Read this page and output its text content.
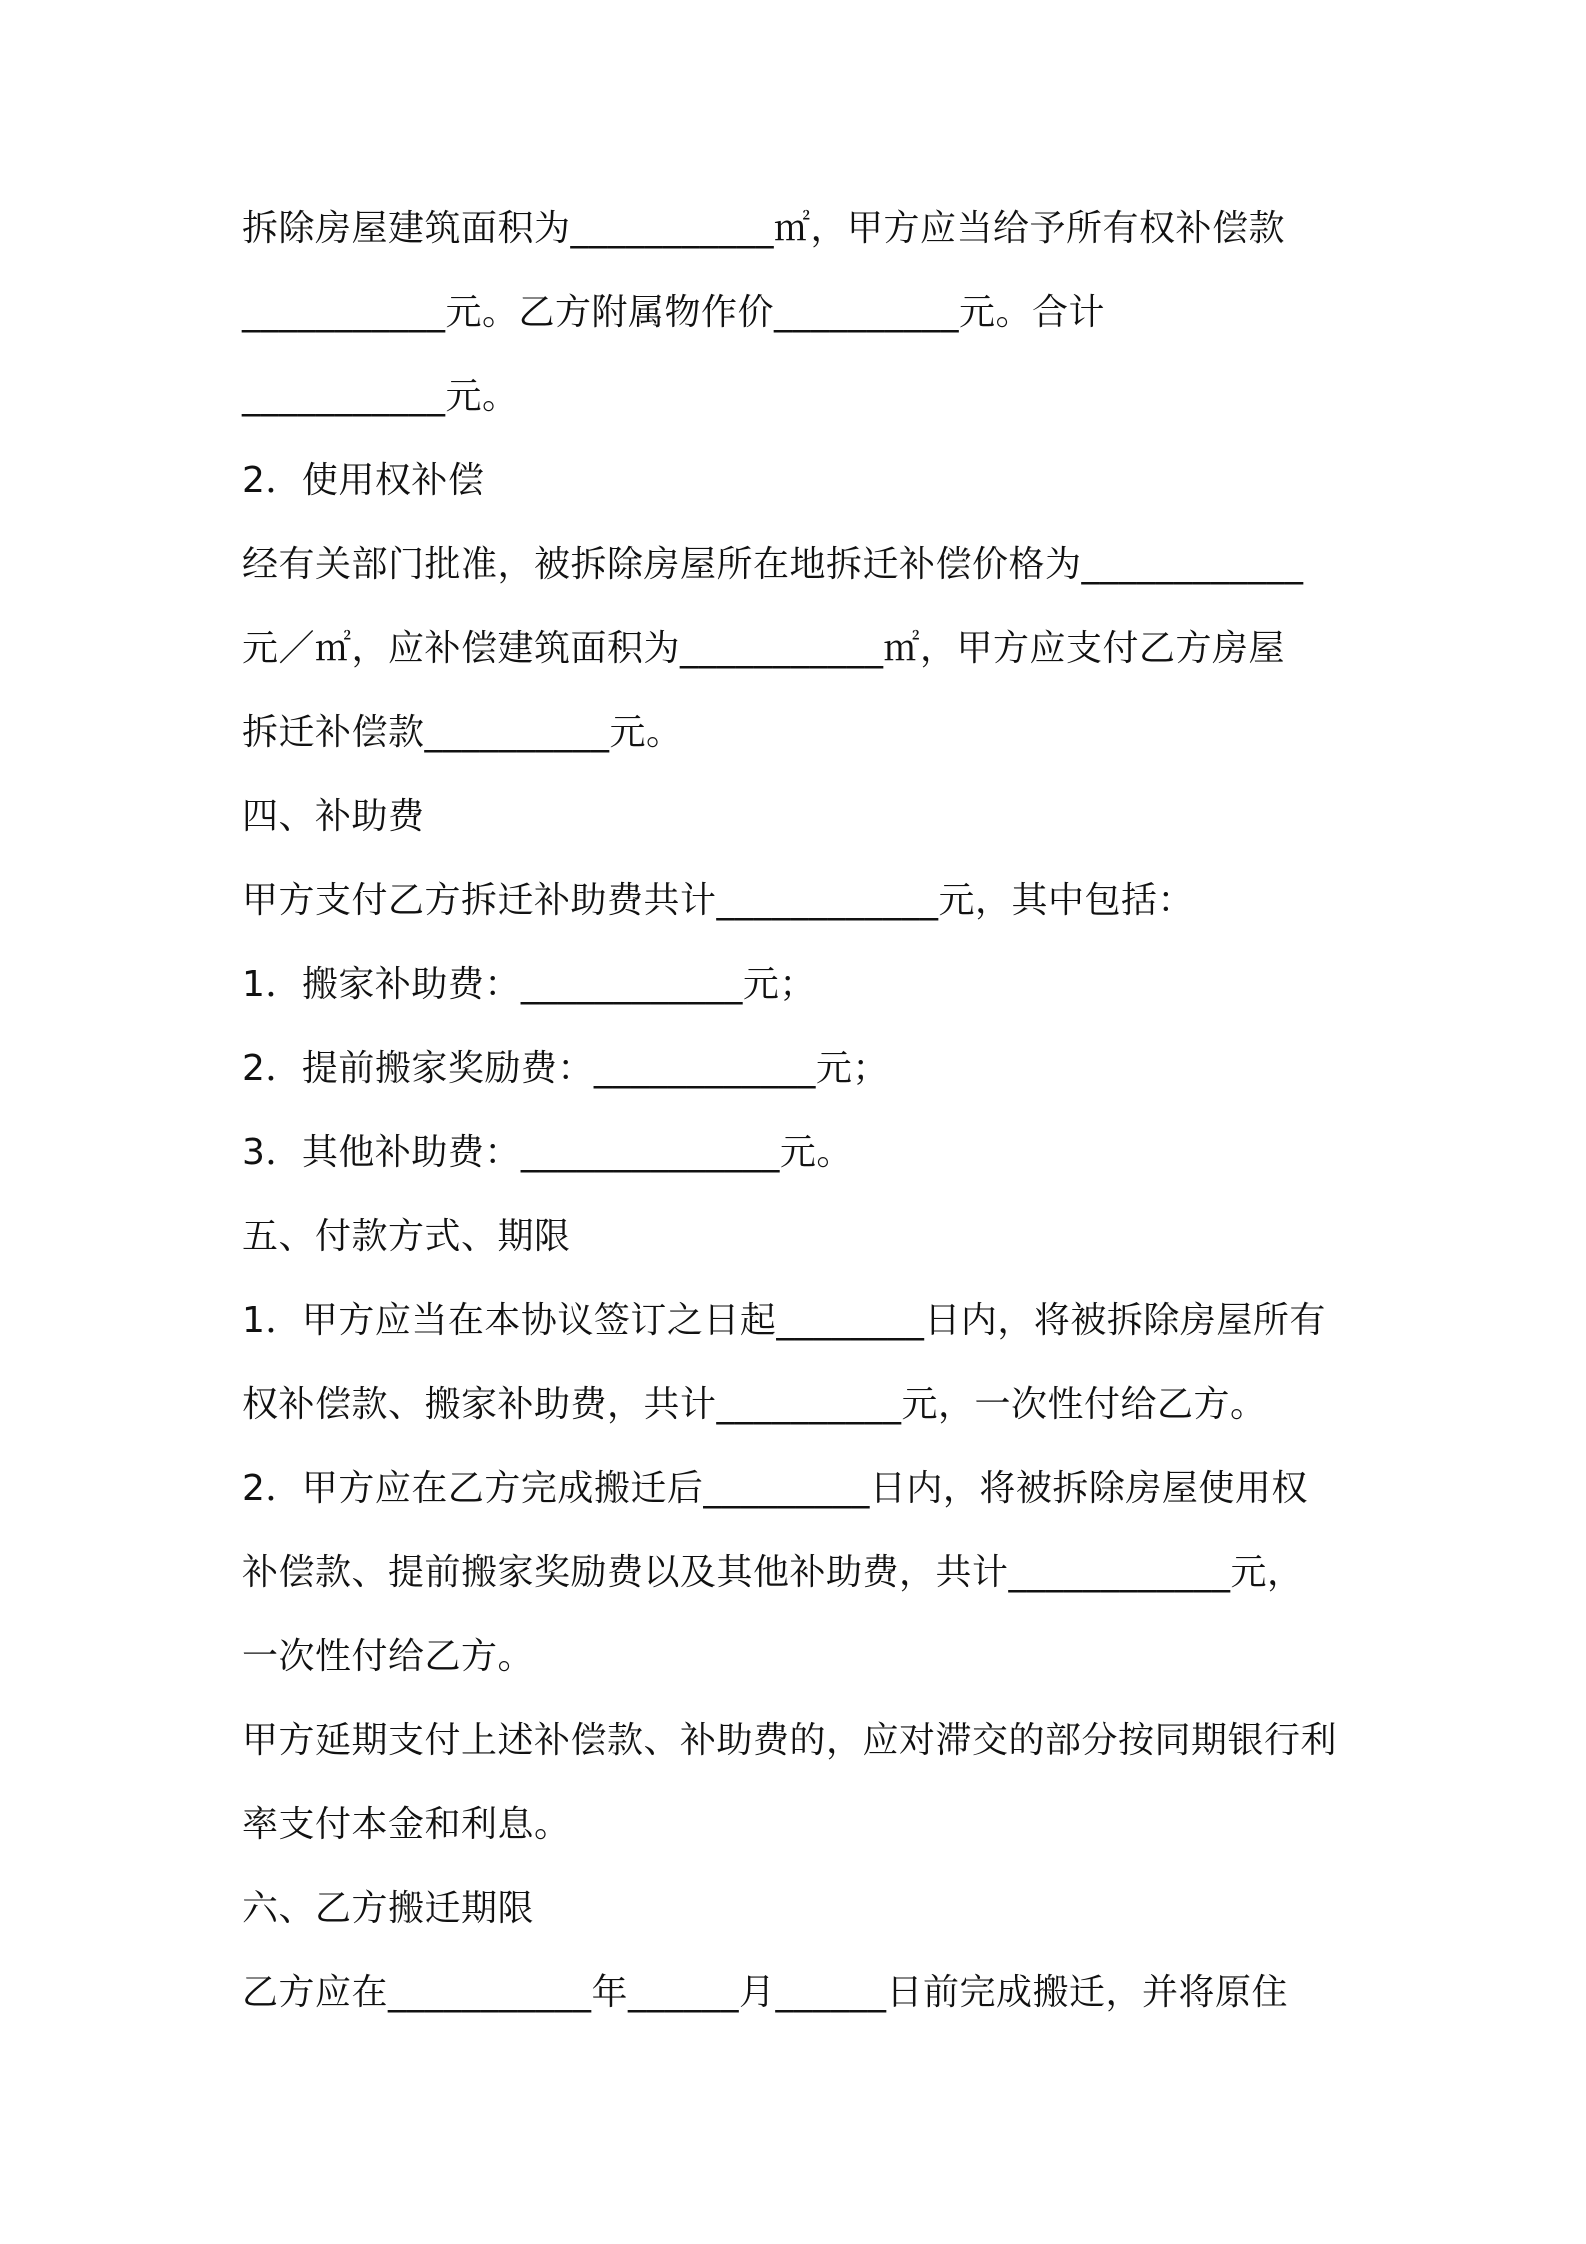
拆除房屋建筑面积为___________㎡，甲方应当给予所有权补偿款
___________元。乙方附属物作价__________元。合计
___________元。
2．使用权补偿
经有关部门批准，被拆除房屋所在地拆迁补偿价格为____________
元／㎡，应补偿建筑面积为___________㎡，甲方应支付乙方房屋
拆迁补偿款__________元。
四、补助费
甲方支付乙方拆迁补助费共计____________元，其中包括：
1．搬家补助费：____________元；
2．提前搬家奖励费：____________元；
3．其他补助费：______________元。
五、付款方式、期限
1．甲方应当在本协议签订之日起________日内，将被拆除房屋所有
权补偿款、搬家补助费，共计__________元，一次性付给乙方。
2．甲方应在乙方完成搬迁后_________日内，将被拆除房屋使用权
补偿款、提前搬家奖励费以及其他补助费，共计____________元，
一次性付给乙方。
甲方延期支付上述补偿款、补助费的，应对滞交的部分按同期银行利
率支付本金和利息。
六、乙方搬迁期限
乙方应在___________年______月______日前完成搬迁，并将原住
